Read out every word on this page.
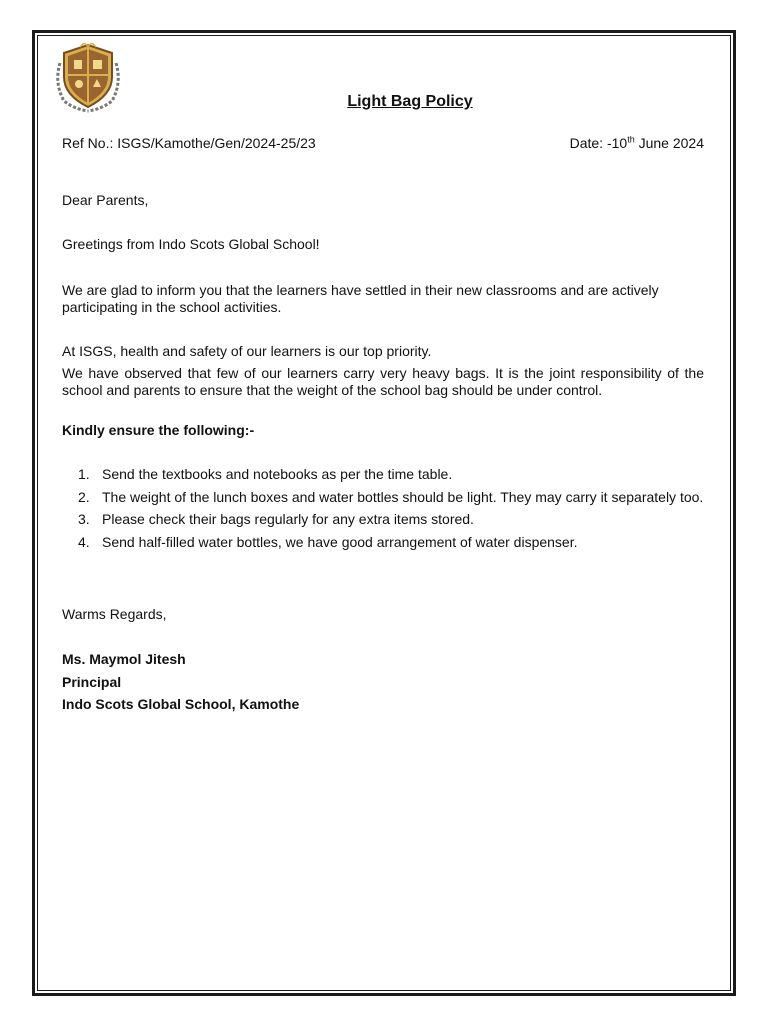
Light Bag Policy
Ref No.: ISGS/Kamothe/Gen/2024-25/23	Date: -10th June 2024
Dear Parents,
Greetings from Indo Scots Global School!
We are glad to inform you that the learners have settled in their new classrooms and are actively participating in the school activities.
At ISGS, health and safety of our learners is our top priority.
We have observed that few of our learners carry very heavy bags. It is the joint responsibility of the school and parents to ensure that the weight of the school bag should be under control.
Kindly ensure the following:-
1. Send the textbooks and notebooks as per the time table.
2. The weight of the lunch boxes and water bottles should be light. They may carry it separately too.
3. Please check their bags regularly for any extra items stored.
4. Send half-filled water bottles, we have good arrangement of water dispenser.
Warms Regards,
Ms. Maymol Jitesh
Principal
Indo Scots Global School, Kamothe
